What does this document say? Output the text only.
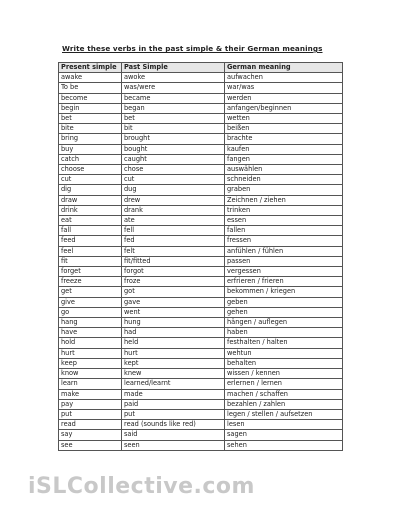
Write these verbs in the past simple & their German meanings
Present simple	Past Simple	German meaning
awake	awoke	aufwachen
To be	was/were	war/was
become	became	werden
begin	began	anfangen/beginnen
bet	bet	wetten
bite	bit	beißen
bring	brought	brachte
buy	bought	kaufen
catch	caught	fangen
choose	chose	auswählen
cut	cut	schneiden
dig	dug	graben
draw	drew	Zeichnen / ziehen
drink	drank	trinken
eat	ate	essen
fall	fell	fallen
feed	fed	fressen
feel	felt	anfühlen / fühlen
fit	fit/fitted	passen
forget	forgot	vergessen
freeze	froze	erfrieren / frieren
get	got	bekommen / kriegen
give	gave	geben
go	went	gehen
hang	hung	hängen / auflegen
have	had	haben
hold	held	festhalten / halten
hurt	hurt	wehtun
keep	kept	behalten
know	knew	wissen / kennen
learn	learned/learnt	erlernen / lernen
make	made	machen / schaffen
pay	paid	bezahlen / zahlen
put	put	legen / stellen / aufsetzen
read	read (sounds like red)	lesen
say	said	sagen
see	seen	sehen
iSLCollective.com
